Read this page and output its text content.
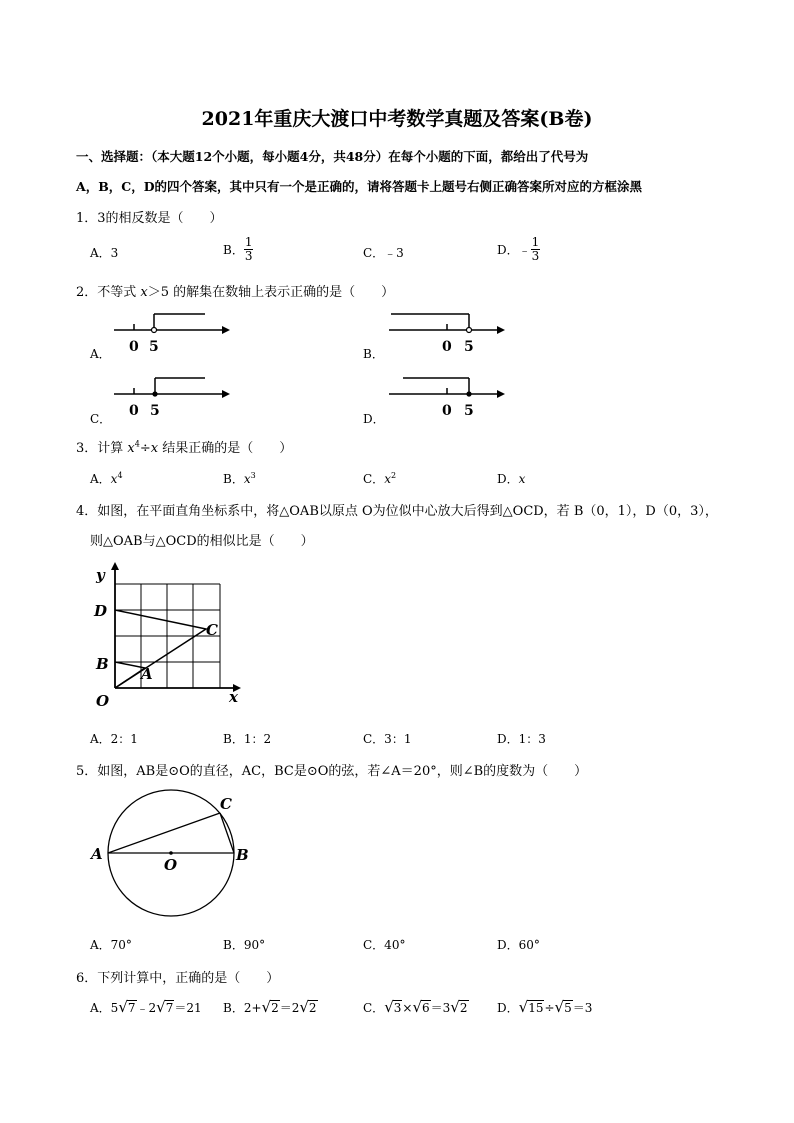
2021年重庆大渡口中考数学真题及答案(B卷)
一、选择题：（本大题12个小题，每小题4分，共48分）在每个小题的下面，都给出了代号为
A，B，C，D的四个答案，其中只有一个是正确的，请将答题卡上题号右侧正确答案所对应的方框涂黑
1．3的相反数是（　　）
A．3	B． $\frac{1}{3}$	C．﹣3	D．﹣ $\frac{1}{3}$
2．不等式 x＞5 的解集在数轴上表示正确的是（　　）
A． 0 5	B．	0 5
C． 0 5	D．	0 5
3．计算 $x^4\div x$ 结果正确的是（　　）
A．$x^4$	B．$x^3$	C．$x^2$	D．x
4．如图，在平面直角坐标系中，将△OAB以原点 O为位似中心放大后得到△OCD，若 B（0，1），D（0，3），
则△OAB与△OCD的相似比是（　　）
y
x
D
C
B
A
O
A．2：1	B．1：2	C．3：1	D．1：3
5．如图，AB是⊙O的直径，AC，BC是⊙O的弦，若∠A＝20°，则∠B的度数为（　　）
A	B
C
O
A．70°	B．90°	C．40°	D．60°
6．下列计算中，正确的是（　　）
A．5√7﹣2√7＝21 B．2+√2＝2√2	C．√3×√6＝3√2 D．√15÷√5＝3
